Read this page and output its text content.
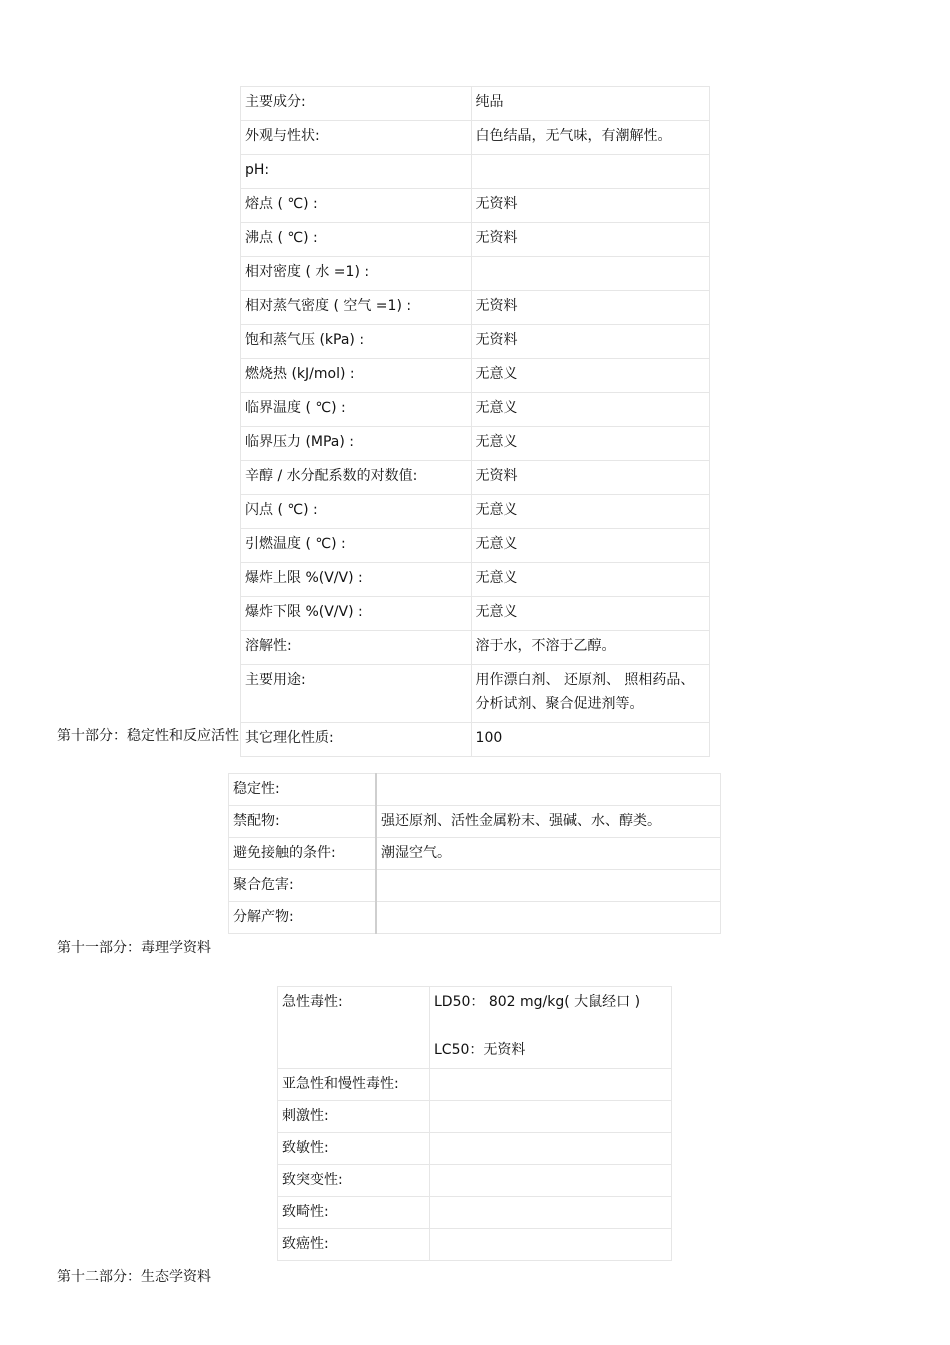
主要成分:	纯品
外观与性状:	白色结晶，无气味，有潮解性。
pH:	
熔点 ( ℃) :	无资料
沸点 ( ℃) :	无资料
相对密度 ( 水 =1) :	
相对蒸气密度 ( 空气 =1) :	无资料
饱和蒸气压 (kPa) :	无资料
燃烧热 (kJ/mol) :	无意义
临界温度 ( ℃) :	无意义
临界压力 (MPa) :	无意义
辛醇 / 水分配系数的对数值:	无资料
闪点 ( ℃) :	无意义
引燃温度 ( ℃) :	无意义
爆炸上限 %(V/V) :	无意义
爆炸下限 %(V/V) :	无意义
溶解性:	溶于水，不溶于乙醇。
主要用途:	用作漂白剂、 还原剂、 照相药品、分析试剂、聚合促进剂等。
其它理化性质:	100
第十部分：稳定性和反应活性
稳定性:	
禁配物:	强还原剂、活性金属粉末、强碱、水、醇类。
避免接触的条件:	潮湿空气。
聚合危害:	
分解产物:	
第十一部分：毒理学资料
急性毒性:	LD50： 802 mg/kg( 大鼠经口 )

LC50：无资料
亚急性和慢性毒性:	
刺激性:	
致敏性:	
致突变性:	
致畸性:	
致癌性:	
第十二部分：生态学资料
